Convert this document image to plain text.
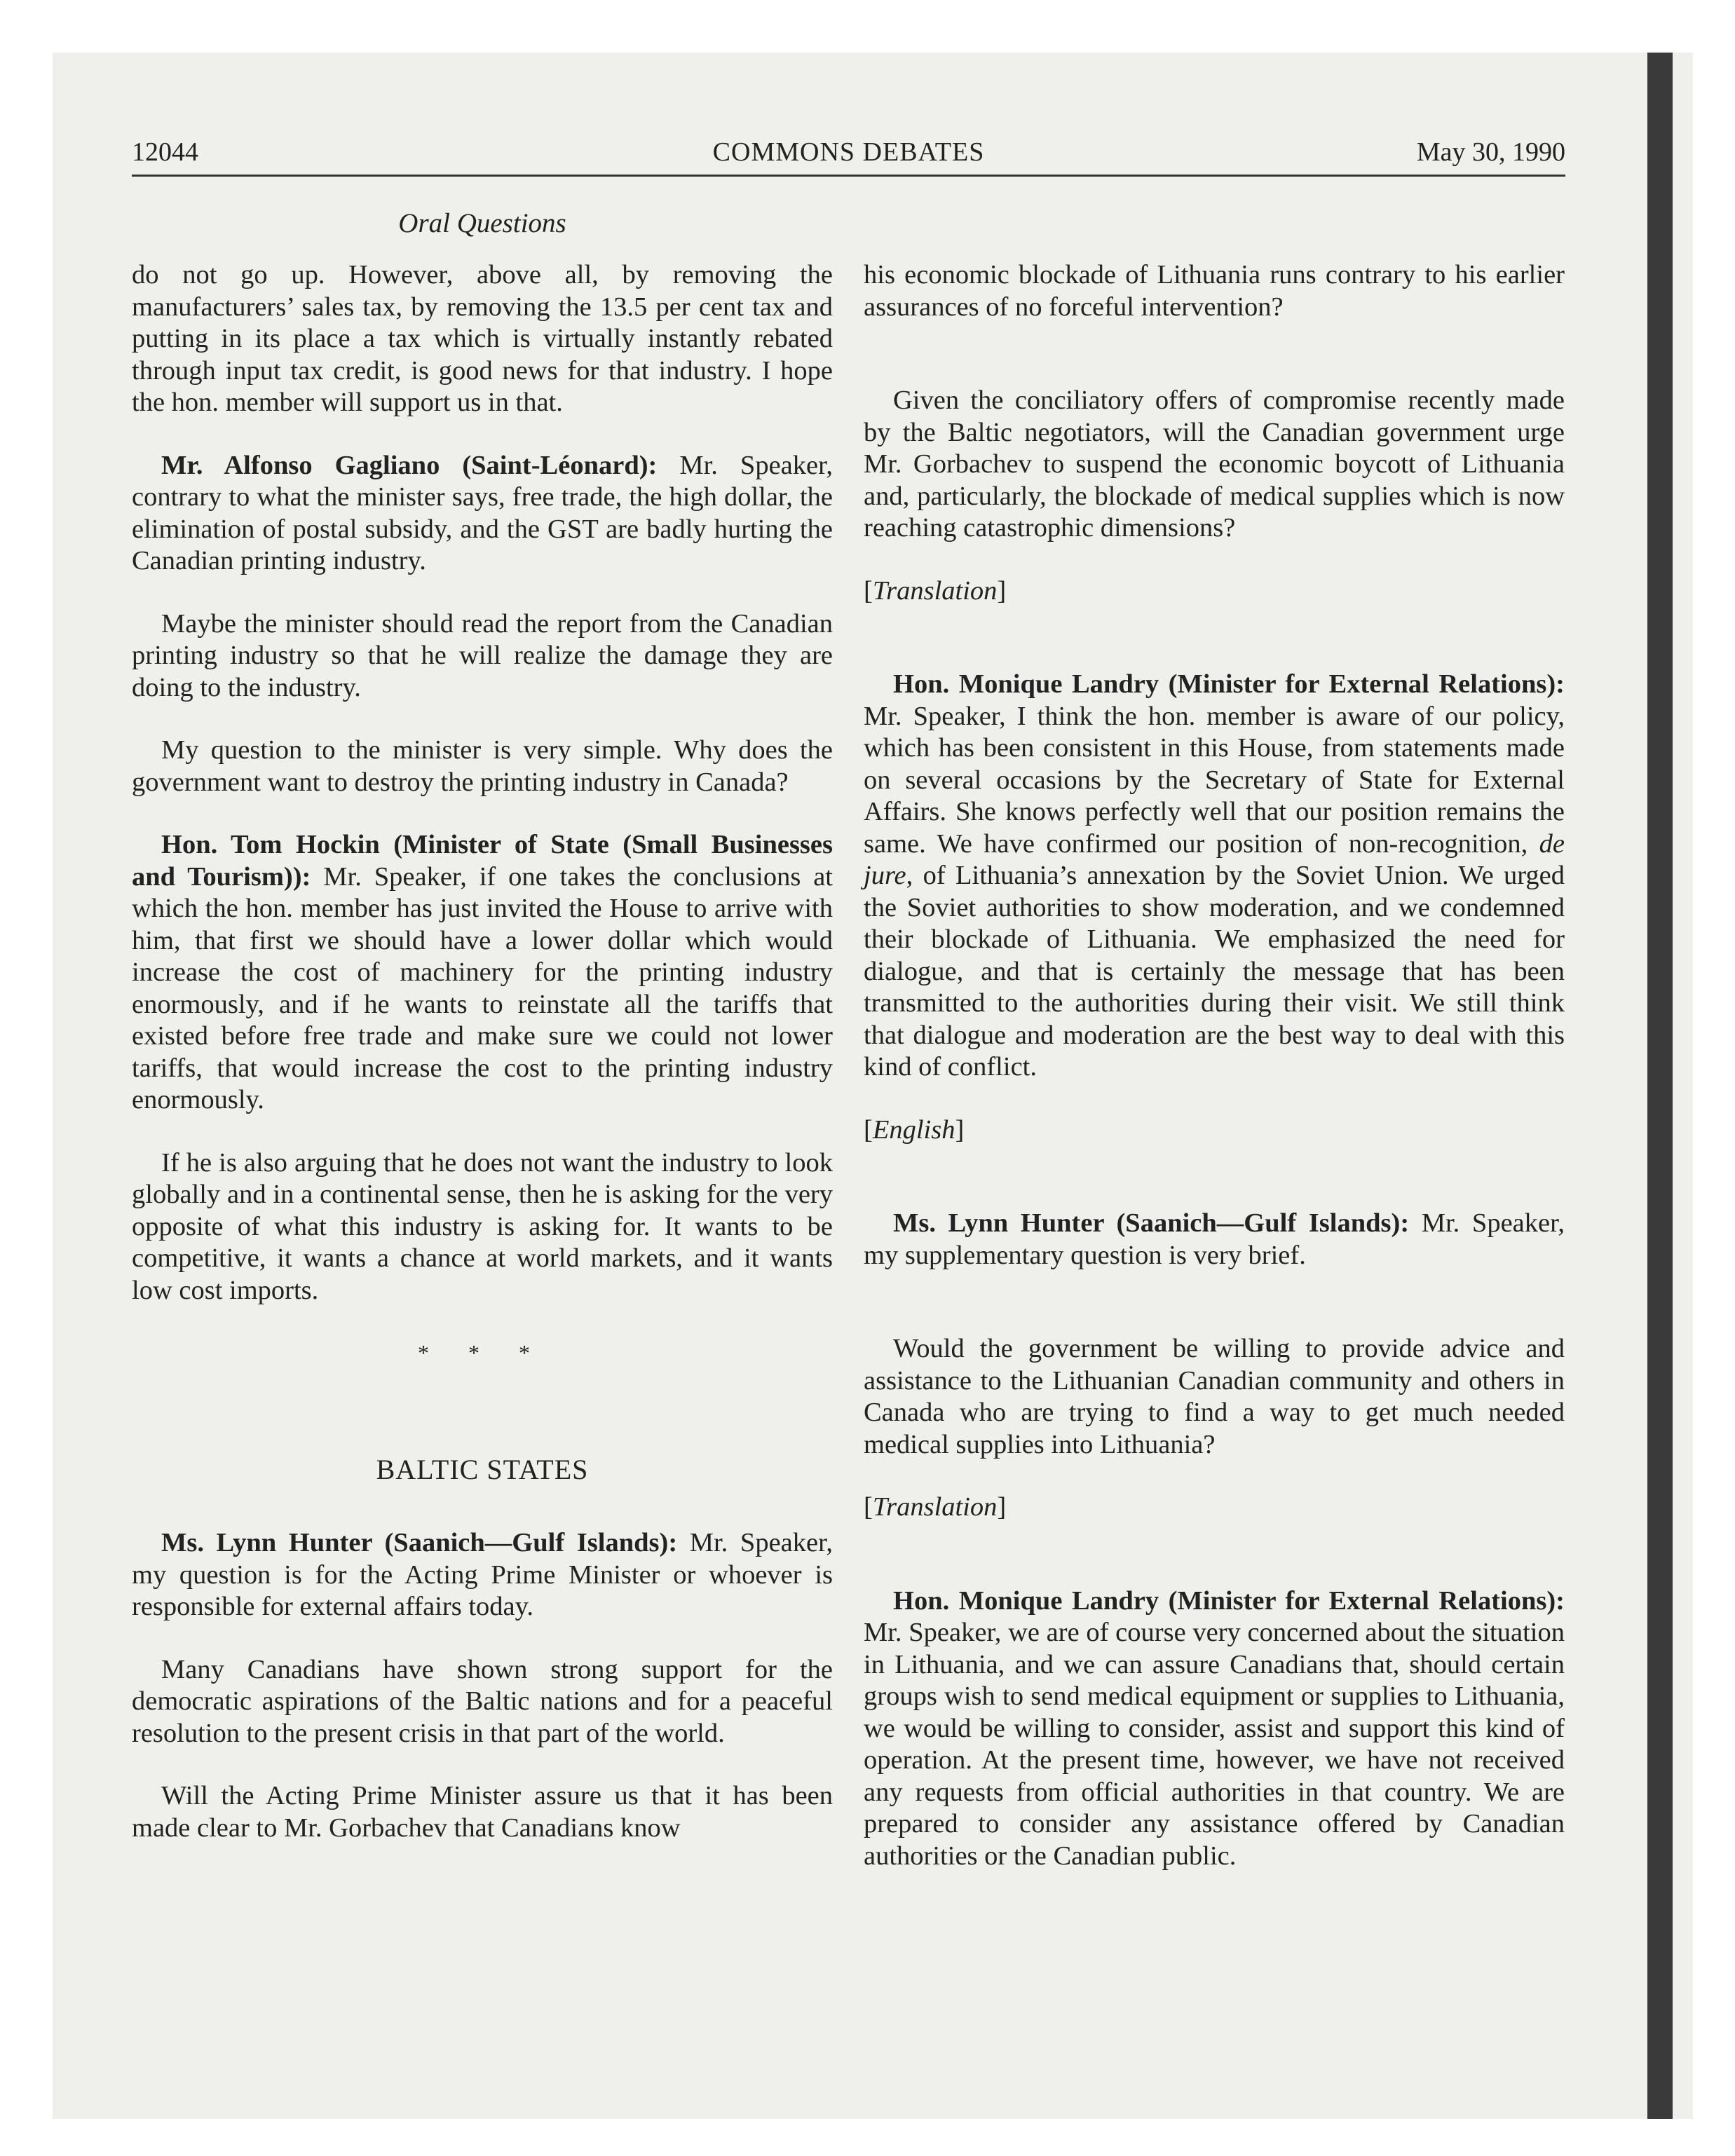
12044	COMMONS DEBATES	May 30, 1990
Oral Questions

do not go up. However, above all, by removing the manufacturers’ sales tax, by removing the 13.5 per cent tax and putting in its place a tax which is virtually instantly rebated through input tax credit, is good news for that industry. I hope the hon. member will support us in that.

Mr. Alfonso Gagliano (Saint-Léonard): Mr. Speaker, contrary to what the minister says, free trade, the high dollar, the elimination of postal subsidy, and the GST are badly hurting the Canadian printing industry.

Maybe the minister should read the report from the Canadian printing industry so that he will realize the damage they are doing to the industry.

My question to the minister is very simple. Why does the government want to destroy the printing industry in Canada?

Hon. Tom Hockin (Minister of State (Small Businesses and Tourism)): Mr. Speaker, if one takes the conclusions at which the hon. member has just invited the House to arrive with him, that first we should have a lower dollar which would increase the cost of machinery for the printing industry enormously, and if he wants to reinstate all the tariffs that existed before free trade and make sure we could not lower tariffs, that would increase the cost to the printing industry enormously.

If he is also arguing that he does not want the industry to look globally and in a continental sense, then he is asking for the very opposite of what this industry is asking for. It wants to be competitive, it wants a chance at world markets, and it wants low cost imports.

* * *
BALTIC STATES

Ms. Lynn Hunter (Saanich—Gulf Islands): Mr. Speaker, my question is for the Acting Prime Minister or whoever is responsible for external affairs today.

Many Canadians have shown strong support for the democratic aspirations of the Baltic nations and for a peaceful resolution to the present crisis in that part of the world.

Will the Acting Prime Minister assure us that it has been made clear to Mr. Gorbachev that Canadians know

his economic blockade of Lithuania runs contrary to his earlier assurances of no forceful intervention?

Given the conciliatory offers of compromise recently made by the Baltic negotiators, will the Canadian government urge Mr. Gorbachev to suspend the economic boycott of Lithuania and, particularly, the blockade of medical supplies which is now reaching catastrophic dimensions?

[Translation]

Hon. Monique Landry (Minister for External Relations): Mr. Speaker, I think the hon. member is aware of our policy, which has been consistent in this House, from statements made on several occasions by the Secretary of State for External Affairs. She knows perfectly well that our position remains the same. We have confirmed our position of non-recognition, de jure, of Lithuania’s annexation by the Soviet Union. We urged the Soviet authorities to show moderation, and we condemned their blockade of Lithuania. We emphasized the need for dialogue, and that is certainly the message that has been transmitted to the authorities during their visit. We still think that dialogue and moderation are the best way to deal with this kind of conflict.

[English]

Ms. Lynn Hunter (Saanich—Gulf Islands): Mr. Speaker, my supplementary question is very brief.

Would the government be willing to provide advice and assistance to the Lithuanian Canadian community and others in Canada who are trying to find a way to get much needed medical supplies into Lithuania?

[Translation]

Hon. Monique Landry (Minister for External Relations): Mr. Speaker, we are of course very concerned about the situation in Lithuania, and we can assure Canadians that, should certain groups wish to send medical equipment or supplies to Lithuania, we would be willing to consider, assist and support this kind of operation. At the present time, however, we have not received any requests from official authorities in that country. We are prepared to consider any assistance offered by Canadian authorities or the Canadian public.
